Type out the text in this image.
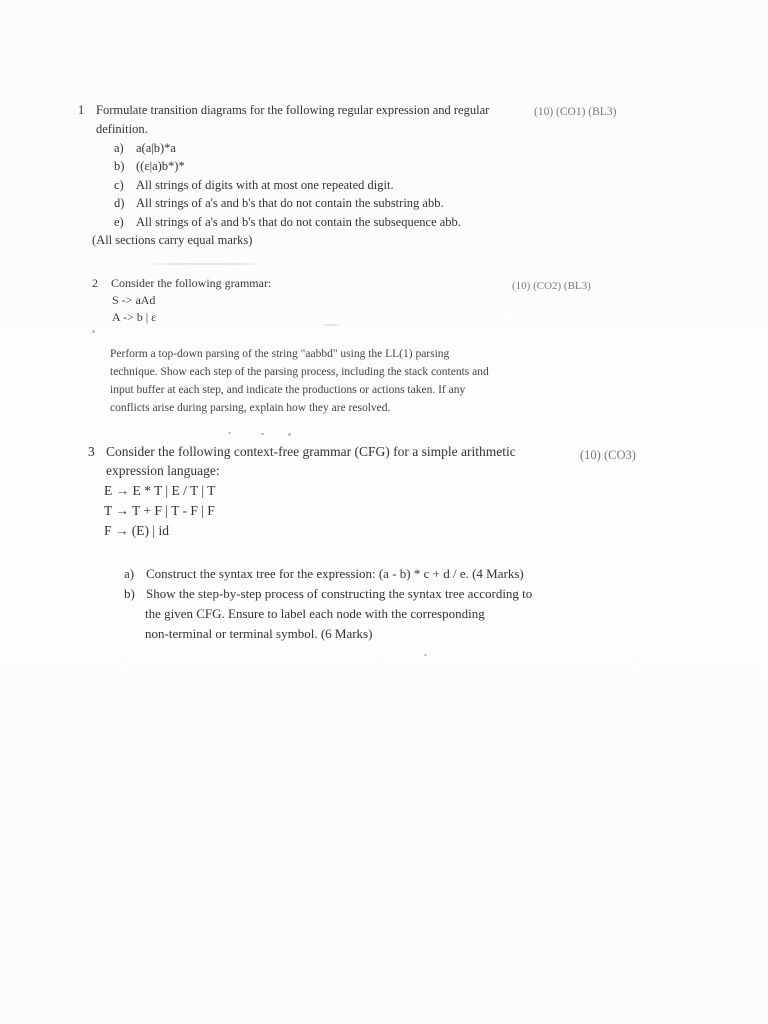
1 Formulate transition diagrams for the following regular expression and regular	(10) (CO1) (BL3)
definition.
a) a(a|b)*a
b) ((ε|a)b*)*
c) All strings of digits with at most one repeated digit.
d) All strings of a's and b's that do not contain the substring abb.
e) All strings of a's and b's that do not contain the subsequence abb.
(All sections carry equal marks)
2 Consider the following grammar:	(10) (CO2) (BL3)
S -> aAd
A -> b | ε
Perform a top-down parsing of the string "aabbd" using the LL(1) parsing
technique. Show each step of the parsing process, including the stack contents and
input buffer at each step, and indicate the productions or actions taken. If any
conflicts arise during parsing, explain how they are resolved.
3 Consider the following context-free grammar (CFG) for a simple arithmetic	(10) (CO3)
expression language:
E → E * T | E / T | T
T → T + F | T - F | F
F → (E) | id
a) Construct the syntax tree for the expression: (a - b) * c + d / e. (4 Marks)
b) Show the step-by-step process of constructing the syntax tree according to
the given CFG. Ensure to label each node with the corresponding
non-terminal or terminal symbol. (6 Marks)
